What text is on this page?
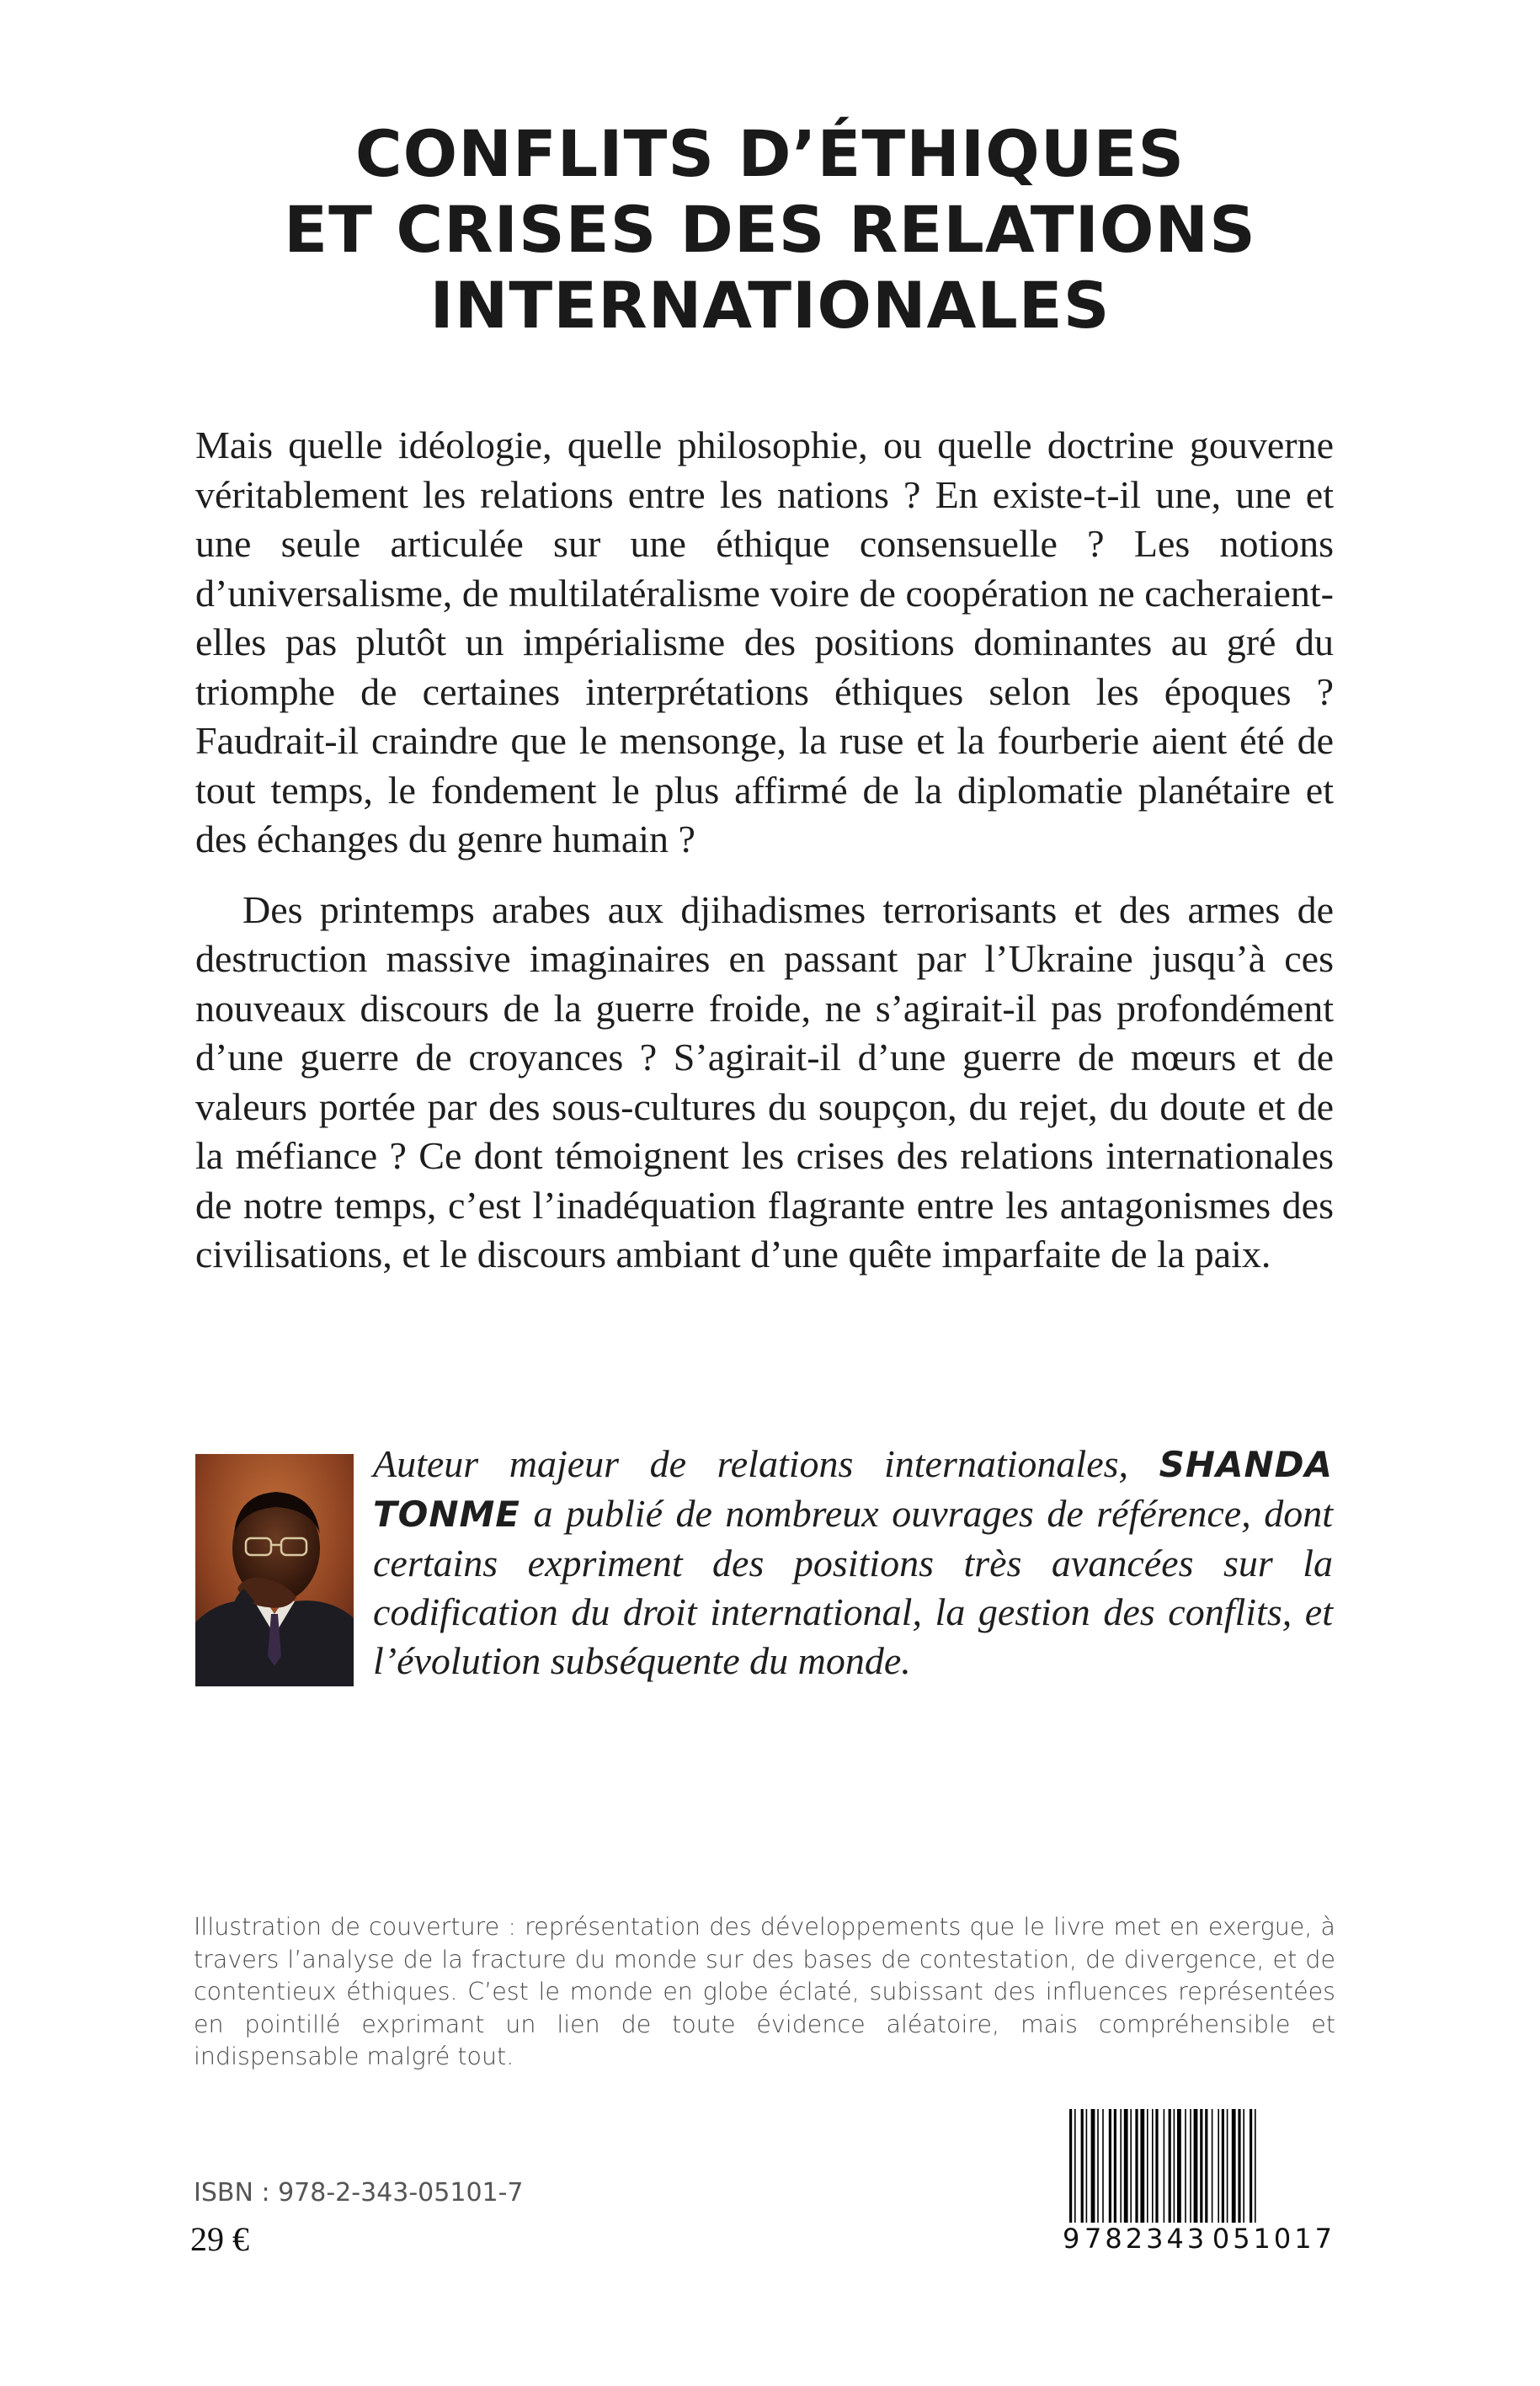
CONFLITS D’ÉTHIQUES
ET CRISES DES RELATIONS
INTERNATIONALES

Mais quelle idéologie, quelle philosophie, ou quelle doctrine gouverne véritablement les relations entre les nations ? En existe-t-il une, une et une seule articulée sur une éthique consensuelle ? Les notions d’universalisme, de multilatéralisme voire de coopération ne cacheraient-elles pas plutôt un impérialisme des positions dominantes au gré du triomphe de certaines interprétations éthiques selon les époques ? Faudrait-il craindre que le mensonge, la ruse et la fourberie aient été de tout temps, le fondement le plus affirmé de la diplomatie planétaire et des échanges du genre humain ?

Des printemps arabes aux djihadismes terrorisants et des armes de destruction massive imaginaires en passant par l’Ukraine jusqu’à ces nouveaux discours de la guerre froide, ne s’agirait-il pas profondément d’une guerre de croyances ? S’agirait-il d’une guerre de mœurs et de valeurs portée par des sous-cultures du soupçon, du rejet, du doute et de la méfiance ? Ce dont témoignent les crises des relations internationales de notre temps, c’est l’inadéquation flagrante entre les antagonismes des civilisations, et le discours ambiant d’une quête imparfaite de la paix.

Auteur majeur de relations internationales, SHANDA TONME a publié de nombreux ouvrages de référence, dont certains expriment des positions très avancées sur la codification du droit international, la gestion des conflits, et l’évolution subséquente du monde.
Illustration de couverture : représentation des développements que le livre met en exergue, à travers l’analyse de la fracture du monde sur des bases de contestation, de divergence, et de contentieux éthiques. C’est le monde en globe éclaté, subissant des influences représentées en pointillé exprimant un lien de toute évidence aléatoire, mais compréhensible et indispensable malgré tout.
ISBN : 978-2-343-05101-7
29 €	9 782343 051017
